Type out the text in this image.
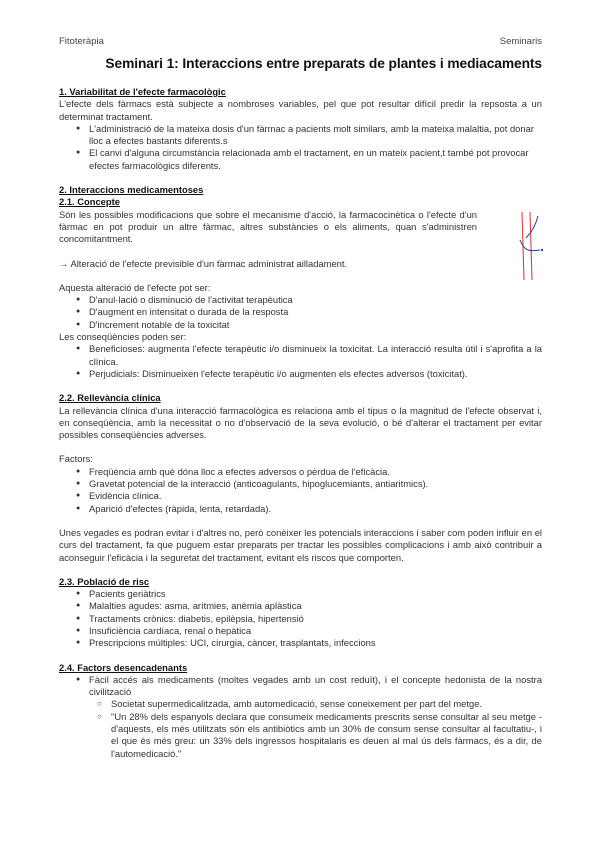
Fitoteràpia	Seminaris
Seminari 1: Interaccions entre preparats de plantes i mediacaments
1. Variabilitat de l'efecte farmacològic

L'efecte dels fàrmacs està subjecte a nombroses variables, pel que pot resultar difícil predir la repsosta a un determinat tractament.

● L'administració de la mateixa dosis d'un fàrmac a pacients molt similars, amb la mateixa malaltia, pot donar lloc a efectes bastants diferents.s
● El canvi d'alguna circumstància relacionada amb el tractament, en un mateix pacient,t també pot provocar efectes farmacològics diferents.
2. Interaccions medicamentoses
2.1. Concepte

Són les possibles modificacions que sobre el mecanisme d'acció, la farmacocinètica o l'efecte d'un fàrmac en pot produir un altre fàrmac, altres substàncies o els aliments, quan s'administren concomitantment.

→ Alteració de l'efecte previsible d'un fàrmac administrat ailladament.

Aquesta alteració de l'efecte pot ser:

● D'anul·lació o disminució de l'activitat terapèutica
● D'augment en intensitat o durada de la resposta
● D'increment notable de la toxicitat

Les conseqüències poden ser:

● Beneficioses: augmenta l'efecte terapèutic i/o disminueix la toxicitat. La interacció resulta útil i s'aprofita a la clínica.
● Perjudicials: Disminueixen l'efecte terapèutic i/o augmenten els efectes adversos (toxicitat).
2.2. Rellevància clínica

La rellevància clínica d'una interacció farmacològica es relaciona amb el tipus o la magnitud de l'efecte observat i, en conseqüència, amb la necessitat o no d'observació de la seva evolució, o bé d'alterar el tractament per evitar possibles conseqüències adverses.

Factors:

● Freqüència amb què dóna lloc a efectes adversos o pèrdua de l'eficàcia.
● Gravetat potencial de la interacció (anticoagulants, hipoglucemiants, antiaritmics).
● Evidència clínica.
● Aparició d'efectes (ràpida, lenta, retardada).

Unes vegades es podran evitar i d'altres no, però conèixer les potencials interaccions i saber com poden influir en el curs del tractament, fa que puguem estar preparats per tractar les possibles complicacions i amb això contribuir a aconseguir l'eficàcia i la seguretat del tractament, evitant els riscos que comporten.

2.3. Població de risc
● Pacients geriàtrics
● Malalties agudes: asma, arítmies, anèmia aplàstica
● Tractaments crònics: diabetis, epilèpsia, hipertensió
● Insuficiència cardíaca, renal o hepàtica
● Prescripcions múltiples: UCI, cirurgia, càncer, trasplantats, infeccions
2.4. Factors desencadenants
● Fàcil accés als medicaments (moltes vegades amb un cost reduït), i el concepte hedonista de la nostra civilització
○ Societat supermedicalitzada, amb automedicació, sense coneixement per part del metge.
○ "Un 28% dels espanyols declara que consumeix medicaments prescrits sense consultar al seu metge -d'aquests, els més utilitzats són els antibiòtics amb un 30% de consum sense consultar al facultatiu-, i el que és més greu: un 33% dels ingressos hospitalaris es deuen al mal ús dels fàrmacs, és a dir, de l'automedicació."
